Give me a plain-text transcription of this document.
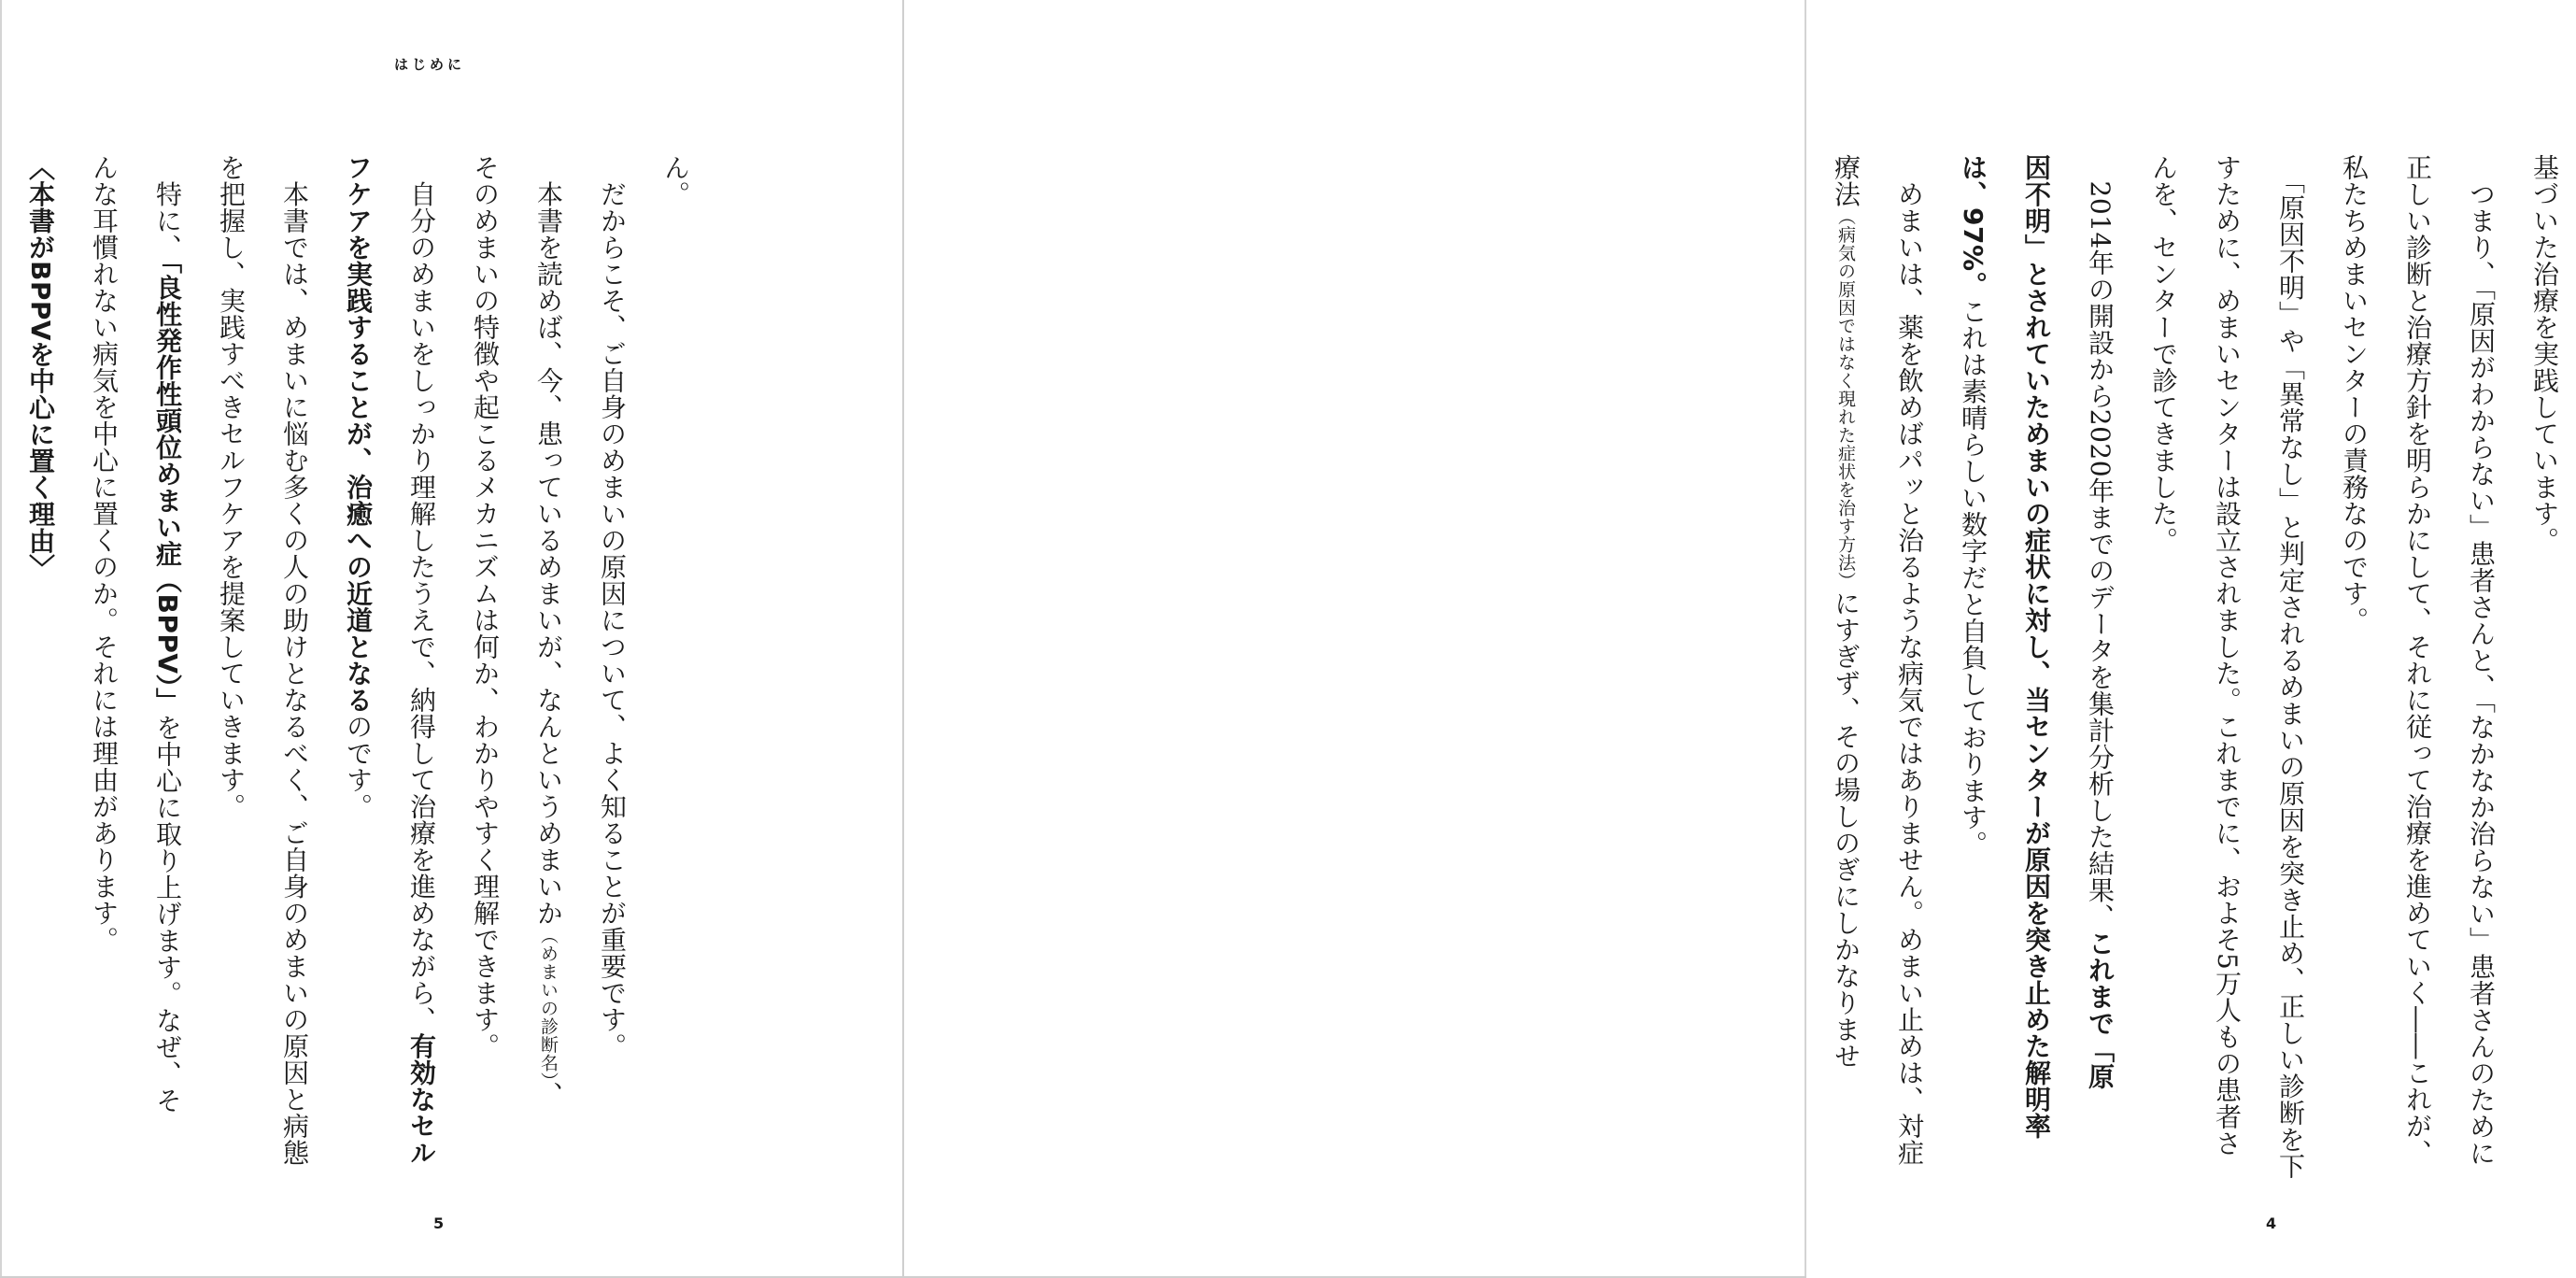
はじめに

ん。

　だからこそ、ご自身のめまいの原因について、よく知ることが重要です。

　本書を読めば、今、患っているめまいが、なんというめまいか（めまいの診断名）、

そのめまいの特徴や起こるメカニズムは何か、わかりやすく理解できます。

　自分のめまいをしっかり理解したうえで、納得して治療を進めながら、有効なセル

フケアを実践することが、治癒への近道となるのです。

　本書では、めまいに悩む多くの人の助けとなるべく、ご自身のめまいの原因と病態

を把握し、実践すべきセルフケアを提案していきます。

　特に、「良性発作性頭位めまい症（BPPV）」を中心に取り上げます。なぜ、そ

んな耳慣れない病気を中心に置くのか。それには理由があります。

〈本書がBPPVを中心に置く理由〉

5

基づいた治療を実践しています。

　つまり、「原因がわからない」患者さんと、「なかなか治らない」患者さんのために

正しい診断と治療方針を明らかにして、それに従って治療を進めていく――これが、

私たちめまいセンターの責務なのです。

　「原因不明」や「異常なし」と判定されるめまいの原因を突き止め、正しい診断を下

すために、めまいセンターは設立されました。これまでに、およそ5万人もの患者さ

んを、センターで診てきました。

　2014年の開設から2020年までのデータを集計分析した結果、これまで「原

因不明」とされていためまいの症状に対し、当センターが原因を突き止めた解明率

は、97%。これは素晴らしい数字だと自負しております。

　めまいは、薬を飲めばパッと治るような病気ではありません。めまい止めは、対症

療法（病気の原因ではなく現れた症状を治す方法）にすぎず、その場しのぎにしかなりませ

4
